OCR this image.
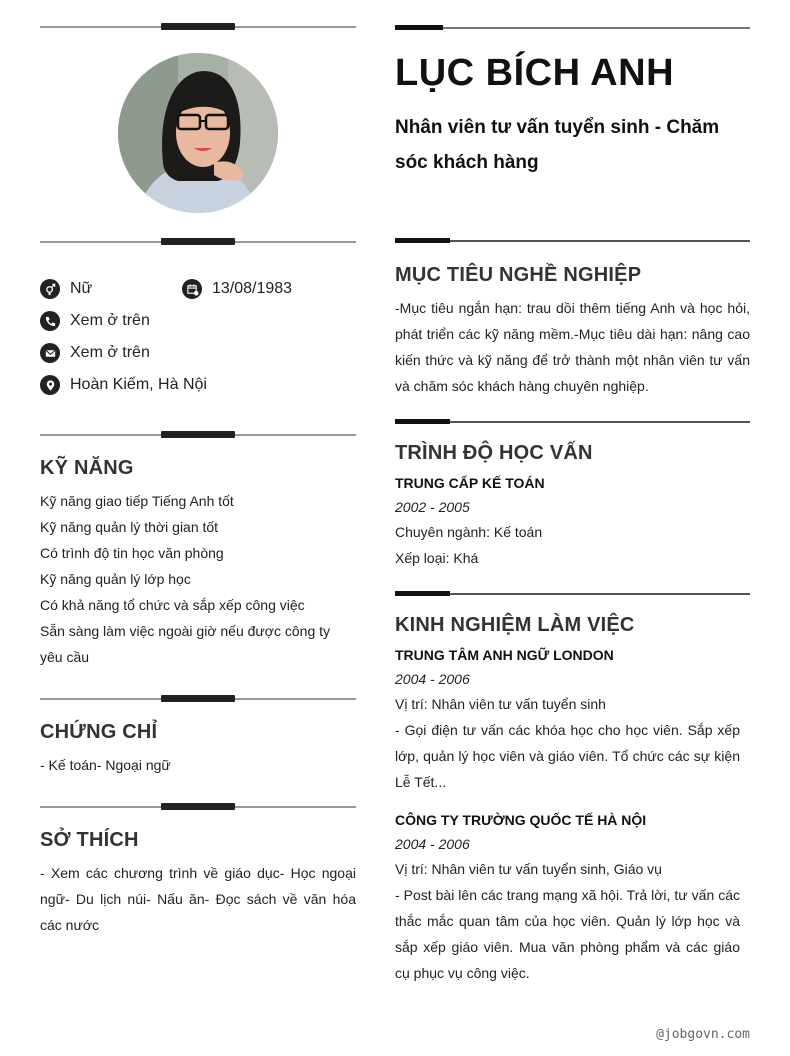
Nữ	13/08/1983
Xem ở trên
Xem ở trên
Hoàn Kiếm, Hà Nội
KỸ NĂNG
Kỹ năng giao tiếp Tiếng Anh tốt
Kỹ năng quản lý thời gian tốt
Có trình độ tin học văn phòng
Kỹ năng quản lý lớp học
Có khả năng tổ chức và sắp xếp công việc
Sẵn sàng làm việc ngoài giờ nếu được công ty yêu cầu
CHỨNG CHỈ
- Kế toán- Ngoại ngữ
SỞ THÍCH
- Xem các chương trình về giáo dục- Học ngoại ngữ- Du lịch núi- Nấu ăn- Đọc sách về văn hóa các nước
LỤC BÍCH ANH
Nhân viên tư vấn tuyển sinh - Chăm sóc khách hàng
MỤC TIÊU NGHỀ NGHIỆP
-Mục tiêu ngắn hạn: trau dồi thêm tiếng Anh và học hỏi, phát triển các kỹ năng mềm.-Mục tiêu dài hạn: nâng cao kiến thức và kỹ năng để trở thành một nhân viên tư vấn và chăm sóc khách hàng chuyên nghiệp.
TRÌNH ĐỘ HỌC VẤN
TRUNG CẤP KẾ TOÁN
2002 - 2005
Chuyên ngành: Kế toán
Xếp loại: Khá
KINH NGHIỆM LÀM VIỆC
TRUNG TÂM ANH NGỮ LONDON
2004 - 2006
Vị trí: Nhân viên tư vấn tuyển sinh
- Gọi điện tư vấn các khóa học cho học viên. Sắp xếp lớp, quản lý học viên và giáo viên. Tổ chức các sự kiện Lễ Tết...
CÔNG TY TRƯỜNG QUỐC TẾ HÀ NỘI
2004 - 2006
Vị trí: Nhân viên tư vấn tuyển sinh, Giáo vụ
- Post bài lên các trang mạng xã hội. Trả lời, tư vấn các thắc mắc quan tâm của học viên. Quản lý lớp học và sắp xếp giáo viên. Mua văn phòng phẩm và các giáo cụ phục vụ công việc.
@jobgovn.com
